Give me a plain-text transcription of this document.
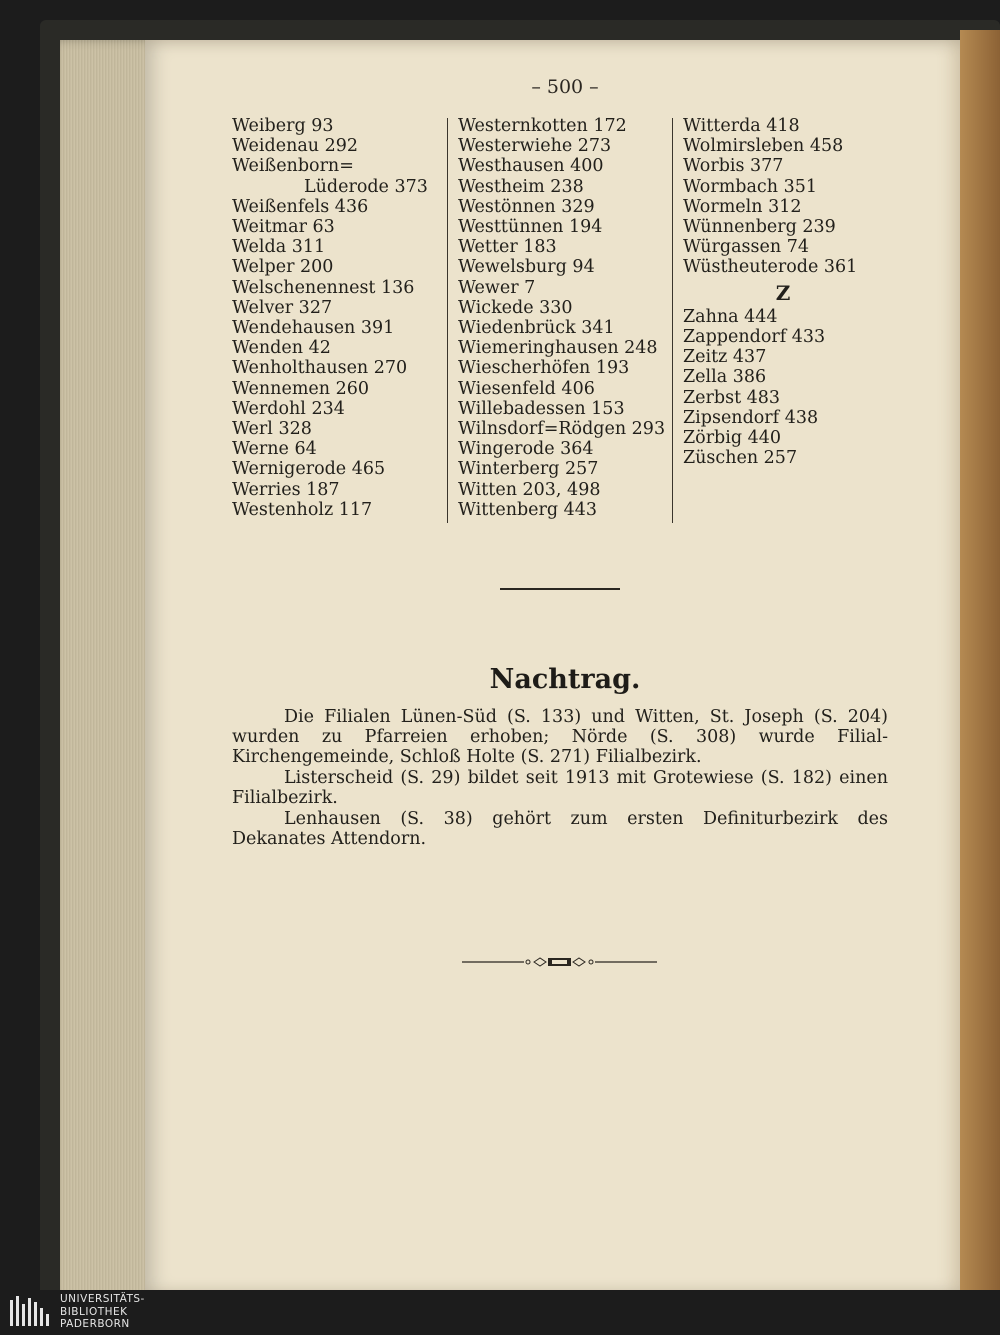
– 500 –
Weiberg 93
Weidenau 292
Weißenborn=
Lüderode 373
Weißenfels 436
Weitmar 63
Welda 311
Welper 200
Welschenennest 136
Welver 327
Wendehausen 391
Wenden 42
Wenholthausen 270
Wennemen 260
Werdohl 234
Werl 328
Werne 64
Wernigerode 465
Werries 187
Westenholz 117
Westernkotten 172
Westerwiehe 273
Westhausen 400
Westheim 238
Westönnen 329
Westtünnen 194
Wetter 183
Wewelsburg 94
Wewer 7
Wickede 330
Wiedenbrück 341
Wiemeringhausen 248
Wiescherhöfen 193
Wiesenfeld 406
Willebadessen 153
Wilnsdorf=Rödgen 293
Wingerode 364
Winterberg 257
Witten 203, 498
Wittenberg 443
Witterda 418
Wolmirsleben 458
Worbis 377
Wormbach 351
Wormeln 312
Wünnenberg 239
Würgassen 74
Wüstheuterode 361
Z
Zahna 444
Zappendorf 433
Zeitz 437
Zella 386
Zerbst 483
Zipsendorf 438
Zörbig 440
Züschen 257
Nachtrag.

Die Filialen Lünen-Süd (S. 133) und Witten, St. Joseph (S. 204) wurden zu Pfarreien erhoben; Nörde (S. 308) wurde Filial-Kirchengemeinde, Schloß Holte (S. 271) Filialbezirk.

Listerscheid (S. 29) bildet seit 1913 mit Grotewiese (S. 182) einen Filialbezirk.

Lenhausen (S. 38) gehört zum ersten Definiturbezirk des Dekanates Attendorn.

UNIVERSITÄTS-
BIBLIOTHEK
PADERBORN
